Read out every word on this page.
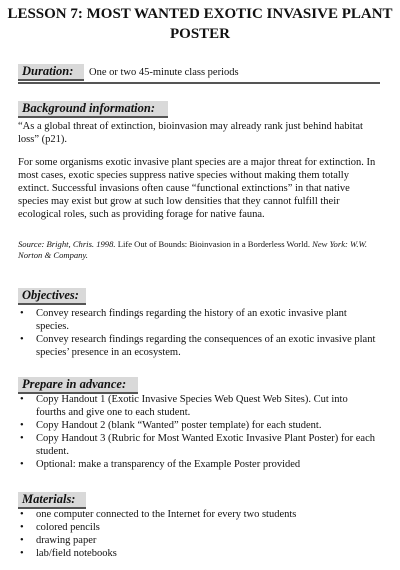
LESSON 7: MOST WANTED EXOTIC INVASIVE PLANT
POSTER
Duration: One or two 45-minute class periods
Background information:

“As a global threat of extinction, bioinvasion may already rank just behind habitat loss” (p21).

For some organisms exotic invasive plant species are a major threat for extinction. In most cases, exotic species suppress native species without making them totally extinct. Successful invasions often cause “functional extinctions” in that native species may exist but grow at such low densities that they cannot fulfill their ecological roles, such as providing forage for native fauna.

Source: Bright, Chris. 1998. Life Out of Bounds: Bioinvasion in a Borderless World. New York: W.W. Norton & Company.

Objectives:
• Convey research findings regarding the history of an exotic invasive plant species.
• Convey research findings regarding the consequences of an exotic invasive plant species’ presence in an ecosystem.
Prepare in advance:
• Copy Handout 1 (Exotic Invasive Species Web Quest Web Sites). Cut into fourths and give one to each student.
• Copy Handout 2 (blank “Wanted” poster template) for each student.
• Copy Handout 3 (Rubric for Most Wanted Exotic Invasive Plant Poster) for each student.
• Optional: make a transparency of the Example Poster provided
Materials:
• one computer connected to the Internet for every two students
• colored pencils
• drawing paper
• lab/field notebooks
